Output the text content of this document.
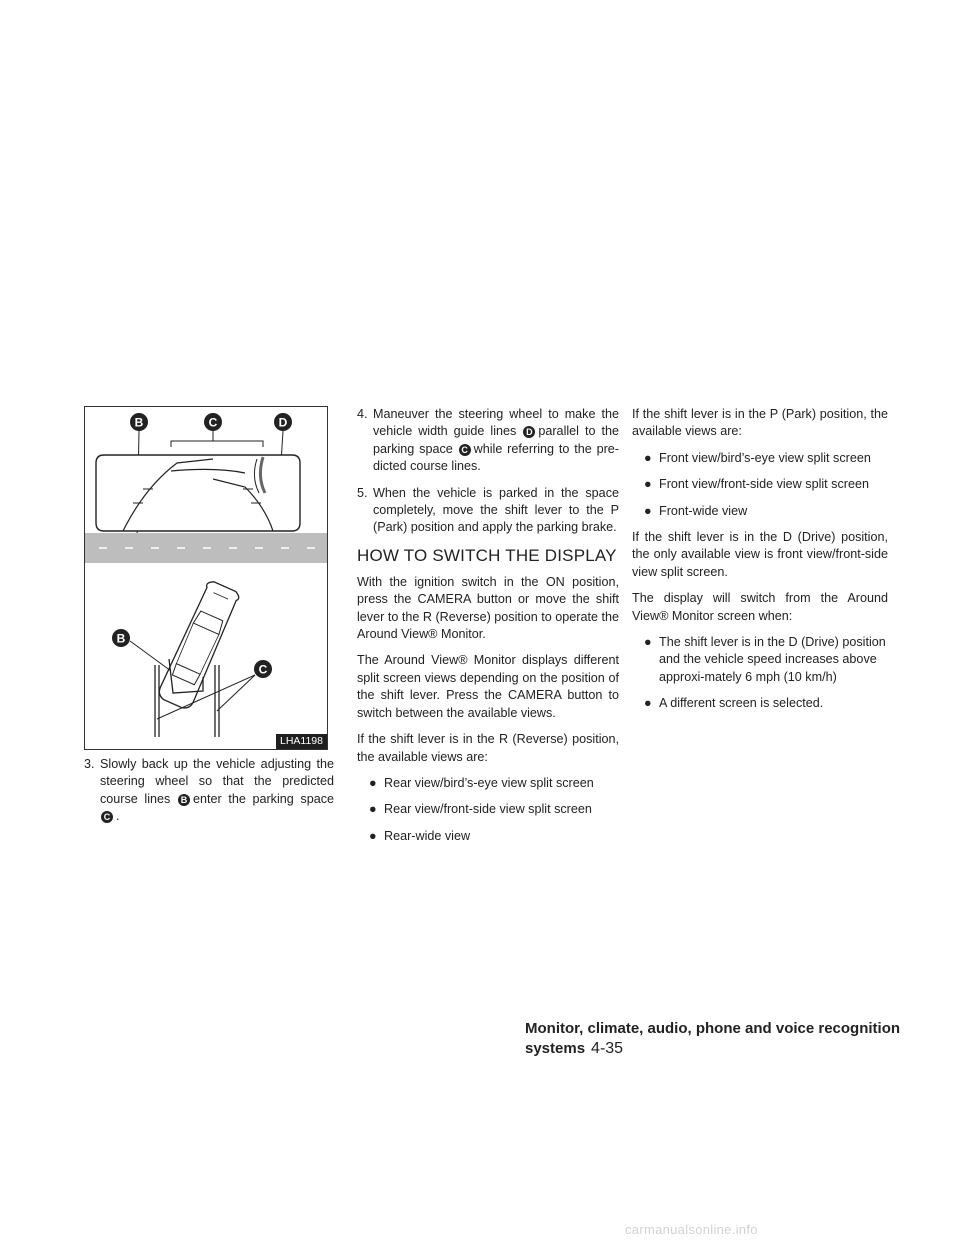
B	C	D
B
C
LHA1198
3. Slowly back up the vehicle adjusting the steering wheel so that the predicted course lines B enter the parking space C.
4. Maneuver the steering wheel to make the vehicle width guide lines D parallel to the parking space C while referring to the pre-dicted course lines.
5. When the vehicle is parked in the space completely, move the shift lever to the P (Park) position and apply the parking brake.
HOW TO SWITCH THE DISPLAY

With the ignition switch in the ON position, press the CAMERA button or move the shift lever to the R (Reverse) position to operate the Around View® Monitor.

The Around View® Monitor displays different split screen views depending on the position of the shift lever. Press the CAMERA button to switch between the available views.

If the shift lever is in the R (Reverse) position, the available views are:

● Rear view/bird’s-eye view split screen
● Rear view/front-side view split screen
● Rear-wide view

If the shift lever is in the P (Park) position, the available views are:

● Front view/bird’s-eye view split screen
● Front view/front-side view split screen
● Front-wide view

If the shift lever is in the D (Drive) position, the only available view is front view/front-side view split screen.

The display will switch from the Around View® Monitor screen when:

● The shift lever is in the D (Drive) position and the vehicle speed increases above approxi-mately 6 mph (10 km/h)
● A different screen is selected.
Monitor, climate, audio, phone and voice recognition systems 4-35
carmanualsonline.info
